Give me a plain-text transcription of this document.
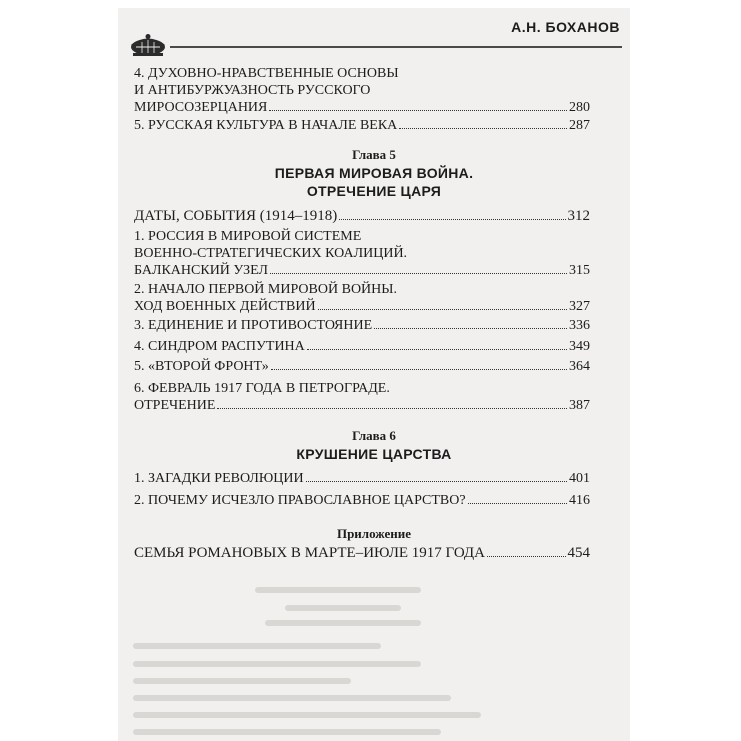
А.Н. БОХАНОВ
4. ДУХОВНО-НРАВСТВЕННЫЕ ОСНОВЫ
И АНТИБУРЖУАЗНОСТЬ РУССКОГО
МИРОСОЗЕРЦАНИЯ	280
5. РУССКАЯ КУЛЬТУРА В НАЧАЛЕ ВЕКА	287
Глава 5
ПЕРВАЯ МИРОВАЯ ВОЙНА.
ОТРЕЧЕНИЕ ЦАРЯ
ДАТЫ, СОБЫТИЯ (1914–1918)	312
1. РОССИЯ В МИРОВОЙ СИСТЕМЕ
ВОЕННО-СТРАТЕГИЧЕСКИХ КОАЛИЦИЙ.
БАЛКАНСКИЙ УЗЕЛ	315
2. НАЧАЛО ПЕРВОЙ МИРОВОЙ ВОЙНЫ.
ХОД ВОЕННЫХ ДЕЙСТВИЙ	327
3. ЕДИНЕНИЕ И ПРОТИВОСТОЯНИЕ	336
4. СИНДРОМ РАСПУТИНА	349
5. «ВТОРОЙ ФРОНТ»	364
6. ФЕВРАЛЬ 1917 ГОДА В ПЕТРОГРАДЕ.
ОТРЕЧЕНИЕ	387
Глава 6
КРУШЕНИЕ ЦАРСТВА
1. ЗАГАДКИ РЕВОЛЮЦИИ	401
2. ПОЧЕМУ ИСЧЕЗЛО ПРАВОСЛАВНОЕ ЦАРСТВО?	416
Приложение
СЕМЬЯ РОМАНОВЫХ В МАРТЕ–ИЮЛЕ 1917 ГОДА	454
